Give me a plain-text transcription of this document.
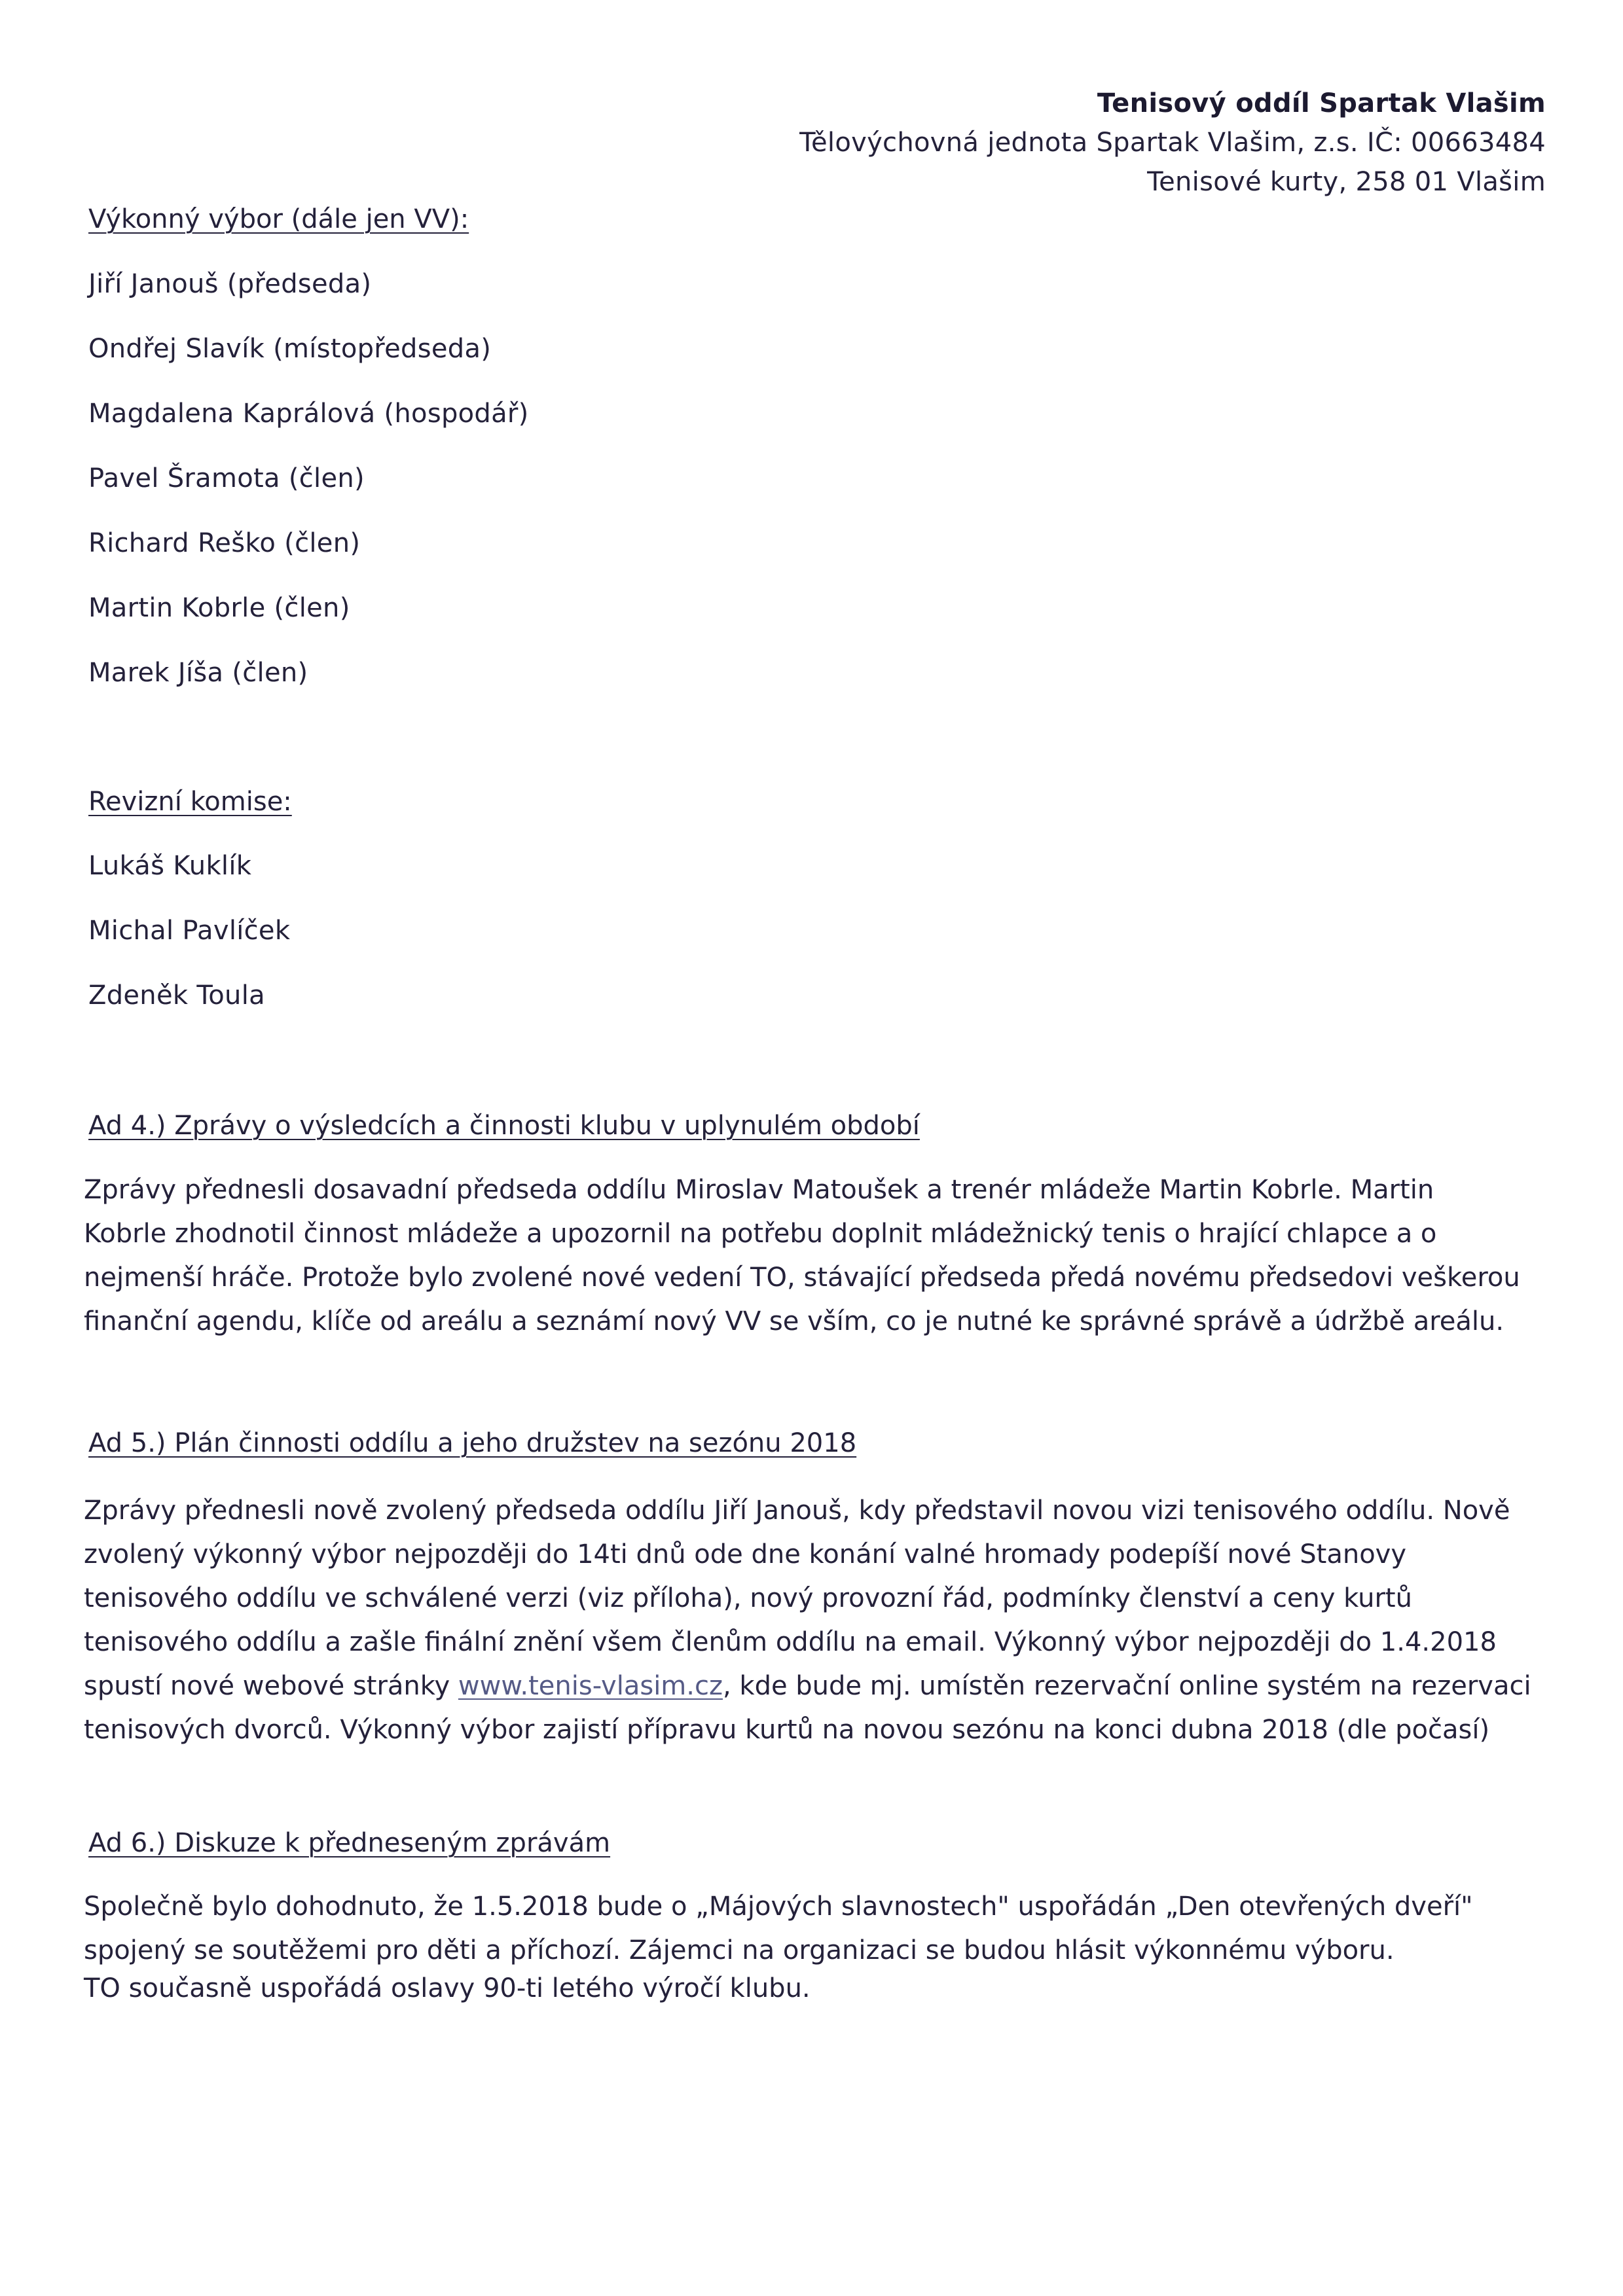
Tenisový oddíl Spartak Vlašim
Tělovýchovná jednota Spartak Vlašim, z.s. IČ: 00663484
Tenisové kurty, 258 01 Vlašim
Výkonný výbor (dále jen VV):
Jiří Janouš (předseda)
Ondřej Slavík (místopředseda)
Magdalena Kaprálová (hospodář)
Pavel Šramota (člen)
Richard Reško (člen)
Martin Kobrle (člen)
Marek Jíša (člen)
Revizní komise:
Lukáš Kuklík
Michal Pavlíček
Zdeněk Toula
Ad 4.) Zprávy o výsledcích a činnosti klubu v uplynulém období
Zprávy přednesli dosavadní předseda oddílu Miroslav Matoušek a trenér mládeže Martin Kobrle. Martin
Kobrle zhodnotil činnost mládeže a upozornil na potřebu doplnit mládežnický tenis o hrající chlapce a o
nejmenší hráče. Protože bylo zvolené nové vedení TO, stávající předseda předá novému předsedovi veškerou
finanční agendu, klíče od areálu a seznámí nový VV se vším, co je nutné ke správné správě a údržbě areálu.
Ad 5.) Plán činnosti oddílu a jeho družstev na sezónu 2018
Zprávy přednesli nově zvolený předseda oddílu Jiří Janouš, kdy představil novou vizi tenisového oddílu. Nově
zvolený výkonný výbor nejpozději do 14ti dnů ode dne konání valné hromady podepíší nové Stanovy
tenisového oddílu ve schválené verzi (viz příloha), nový provozní řád, podmínky členství a ceny kurtů
tenisového oddílu a zašle finální znění všem členům oddílu na email. Výkonný výbor nejpozději do 1.4.2018
spustí nové webové stránky www.tenis-vlasim.cz, kde bude mj. umístěn rezervační online systém na rezervaci
tenisových dvorců. Výkonný výbor zajistí přípravu kurtů na novou sezónu na konci dubna 2018 (dle počasí)
Ad 6.) Diskuze k předneseným zprávám
Společně bylo dohodnuto, že 1.5.2018 bude o „Májových slavnostech" uspořádán „Den otevřených dveří"
spojený se soutěžemi pro děti a příchozí. Zájemci na organizaci se budou hlásit výkonnému výboru.
TO současně uspořádá oslavy 90-ti letého výročí klubu.
